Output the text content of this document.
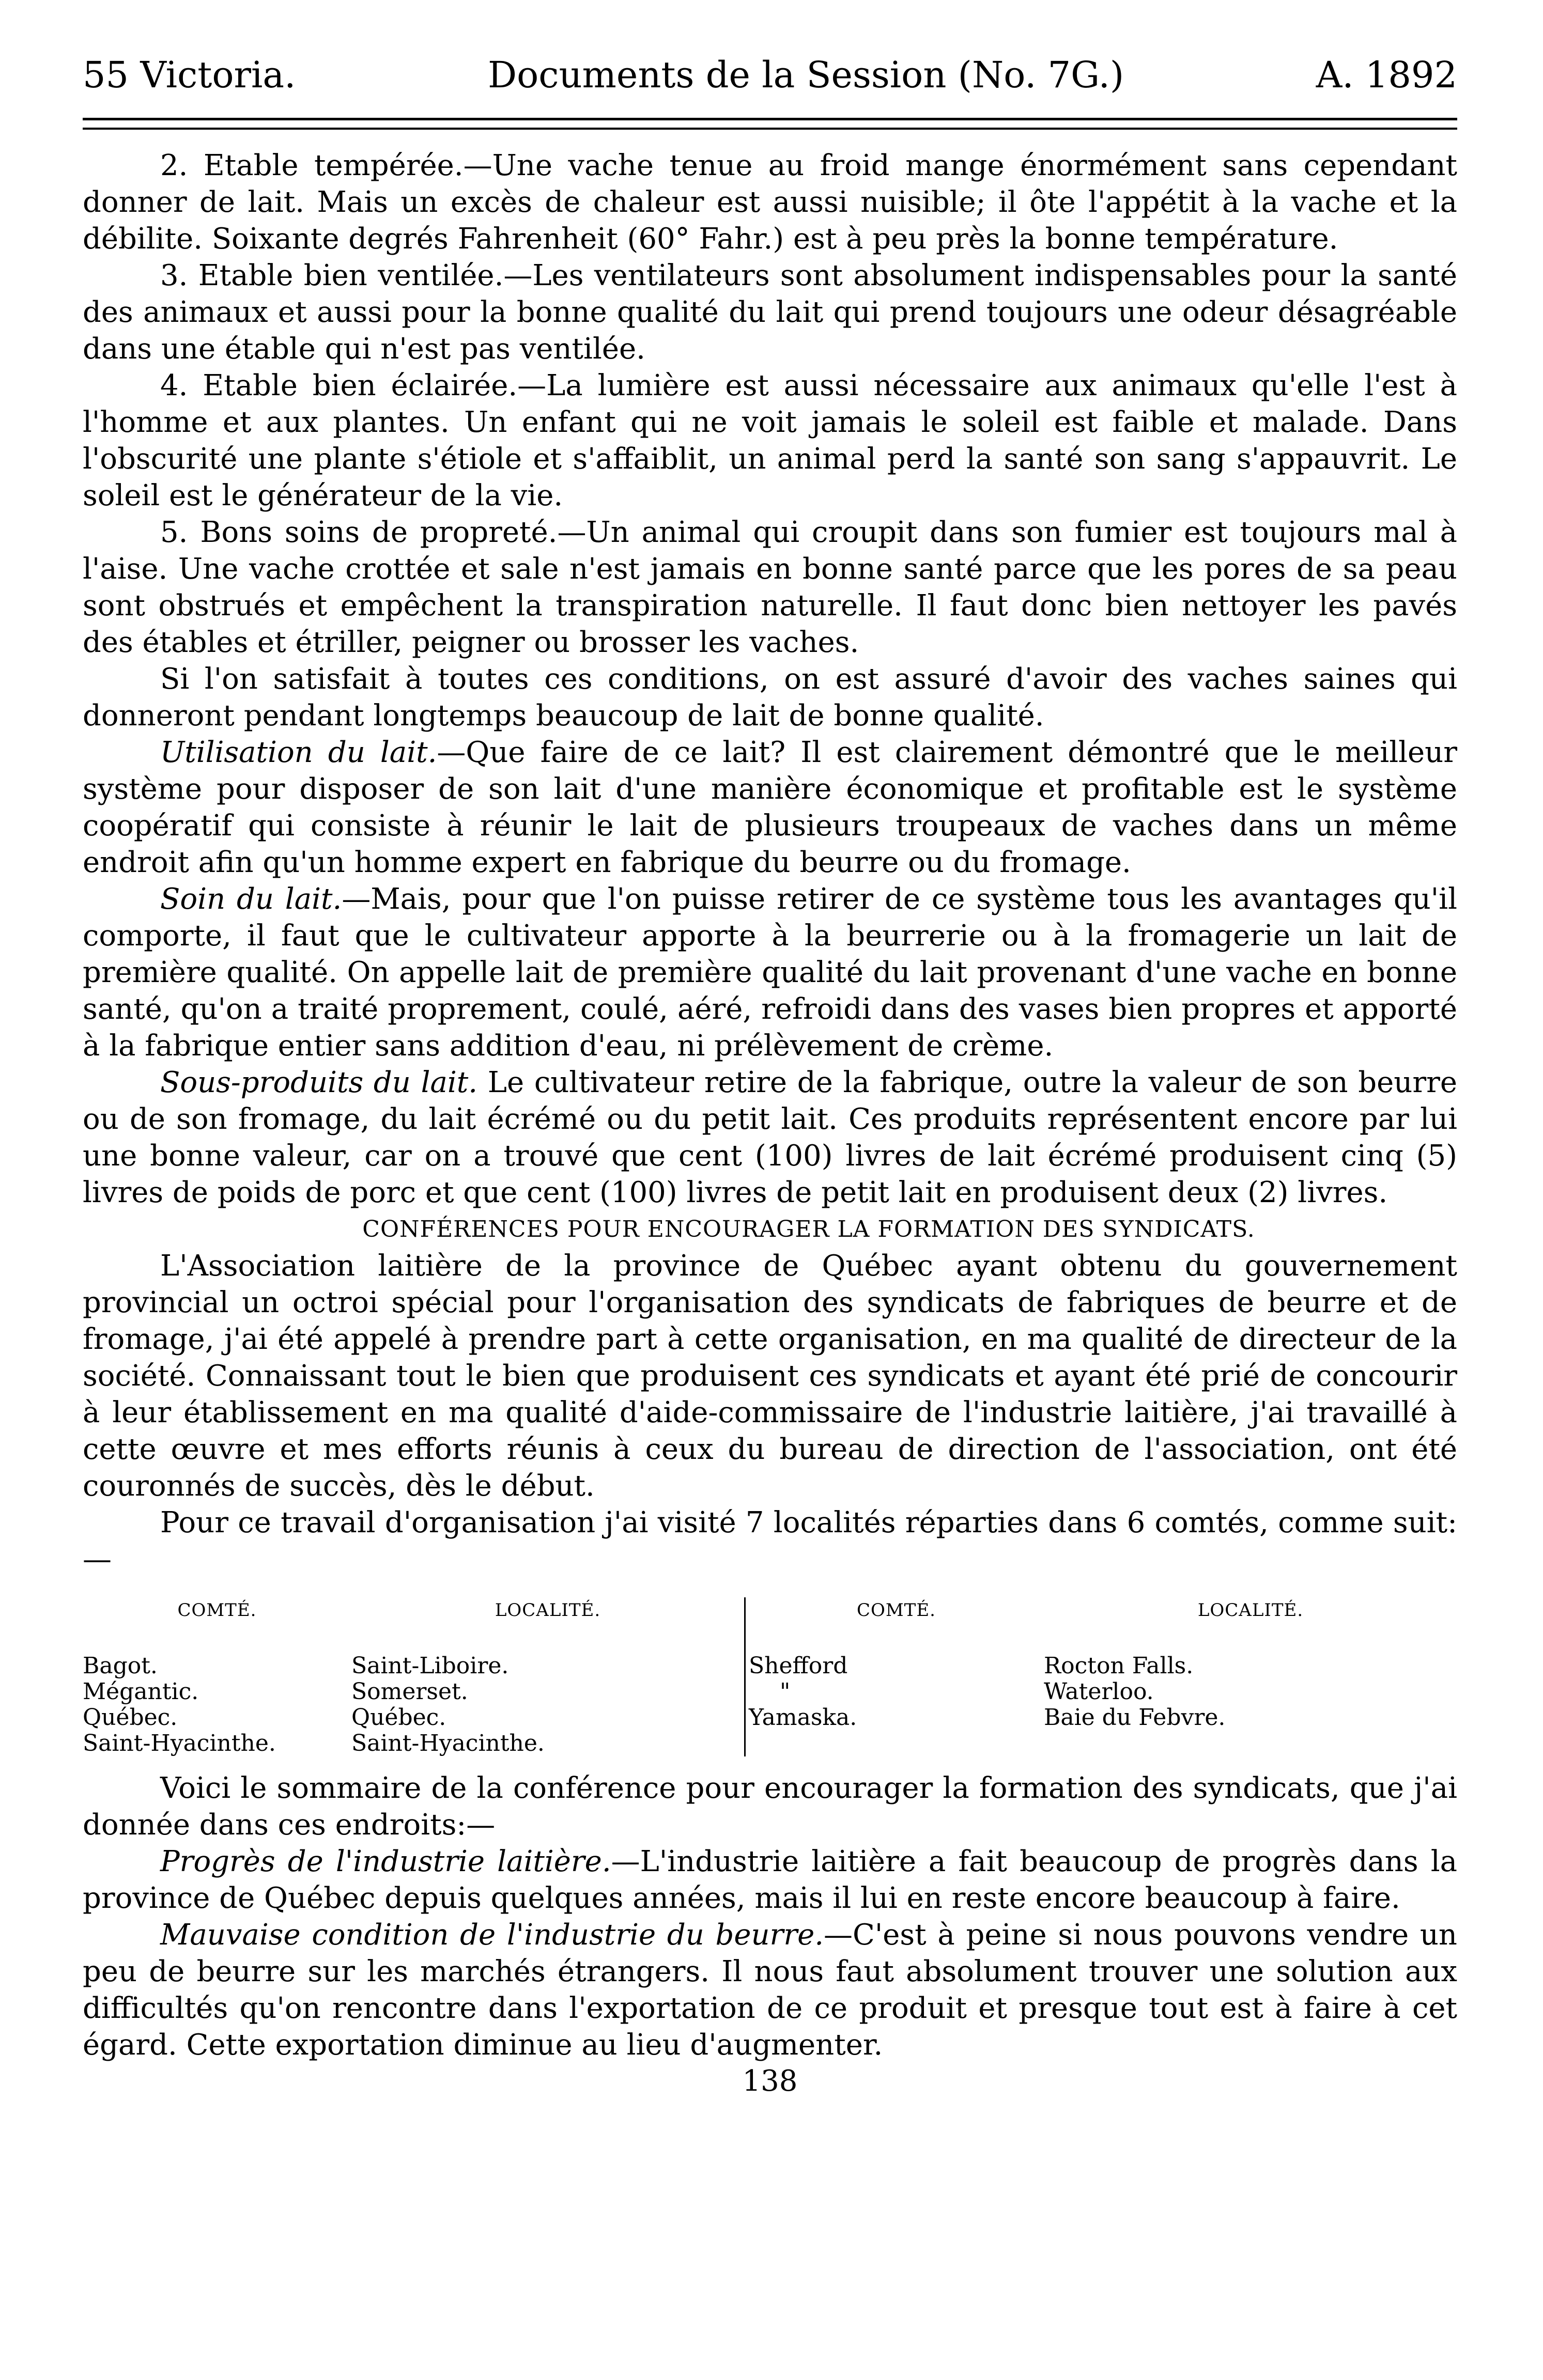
55 Victoria.	Documents de la Session (No. 7G.)	A. 1892

2. Etable tempérée.—Une vache tenue au froid mange énormément sans cependant donner de lait. Mais un excès de chaleur est aussi nuisible; il ôte l'appétit à la vache et la débilite. Soixante degrés Fahrenheit (60° Fahr.) est à peu près la bonne température.

3. Etable bien ventilée.—Les ventilateurs sont absolument indispensables pour la santé des animaux et aussi pour la bonne qualité du lait qui prend toujours une odeur désagréable dans une étable qui n'est pas ventilée.

4. Etable bien éclairée.—La lumière est aussi nécessaire aux animaux qu'elle l'est à l'homme et aux plantes. Un enfant qui ne voit jamais le soleil est faible et malade. Dans l'obscurité une plante s'étiole et s'affaiblit, un animal perd la santé son sang s'appauvrit. Le soleil est le générateur de la vie.

5. Bons soins de propreté.—Un animal qui croupit dans son fumier est toujours mal à l'aise. Une vache crottée et sale n'est jamais en bonne santé parce que les pores de sa peau sont obstrués et empêchent la transpiration naturelle. Il faut donc bien nettoyer les pavés des étables et étriller, peigner ou brosser les vaches.

Si l'on satisfait à toutes ces conditions, on est assuré d'avoir des vaches saines qui donneront pendant longtemps beaucoup de lait de bonne qualité.

Utilisation du lait.—Que faire de ce lait? Il est clairement démontré que le meilleur système pour disposer de son lait d'une manière économique et profitable est le système coopératif qui consiste à réunir le lait de plusieurs troupeaux de vaches dans un même endroit afin qu'un homme expert en fabrique du beurre ou du fromage.

Soin du lait.—Mais, pour que l'on puisse retirer de ce système tous les avantages qu'il comporte, il faut que le cultivateur apporte à la beurrerie ou à la fromagerie un lait de première qualité. On appelle lait de première qualité du lait provenant d'une vache en bonne santé, qu'on a traité proprement, coulé, aéré, refroidi dans des vases bien propres et apporté à la fabrique entier sans addition d'eau, ni prélèvement de crème.

Sous-produits du lait. Le cultivateur retire de la fabrique, outre la valeur de son beurre ou de son fromage, du lait écrémé ou du petit lait. Ces produits représentent encore par lui une bonne valeur, car on a trouvé que cent (100) livres de lait écrémé produisent cinq (5) livres de poids de porc et que cent (100) livres de petit lait en produisent deux (2) livres.

CONFÉRENCES POUR ENCOURAGER LA FORMATION DES SYNDICATS.

L'Association laitière de la province de Québec ayant obtenu du gouvernement provincial un octroi spécial pour l'organisation des syndicats de fabriques de beurre et de fromage, j'ai été appelé à prendre part à cette organisation, en ma qualité de directeur de la société. Connaissant tout le bien que produisent ces syndicats et ayant été prié de concourir à leur établissement en ma qualité d'aide-commissaire de l'industrie laitière, j'ai travaillé à cette œuvre et mes efforts réunis à ceux du bureau de direction de l'association, ont été couronnés de succès, dès le début.

Pour ce travail d'organisation j'ai visité 7 localités réparties dans 6 comtés, comme suit:—

COMTÉ.	LOCALITÉ.	COMTÉ.	LOCALITÉ.
Bagot.	Saint-Liboire.	Shefford	Rocton Falls.
Mégantic.	Somerset.	"	Waterloo.
Québec.	Québec.	Yamaska.	Baie du Febvre.
Saint-Hyacinthe.	Saint-Hyacinthe.

Voici le sommaire de la conférence pour encourager la formation des syndicats, que j'ai donnée dans ces endroits:—

Progrès de l'industrie laitière.—L'industrie laitière a fait beaucoup de progrès dans la province de Québec depuis quelques années, mais il lui en reste encore beaucoup à faire.

Mauvaise condition de l'industrie du beurre.—C'est à peine si nous pouvons vendre un peu de beurre sur les marchés étrangers. Il nous faut absolument trouver une solution aux difficultés qu'on rencontre dans l'exportation de ce produit et presque tout est à faire à cet égard. Cette exportation diminue au lieu d'augmenter.

138
